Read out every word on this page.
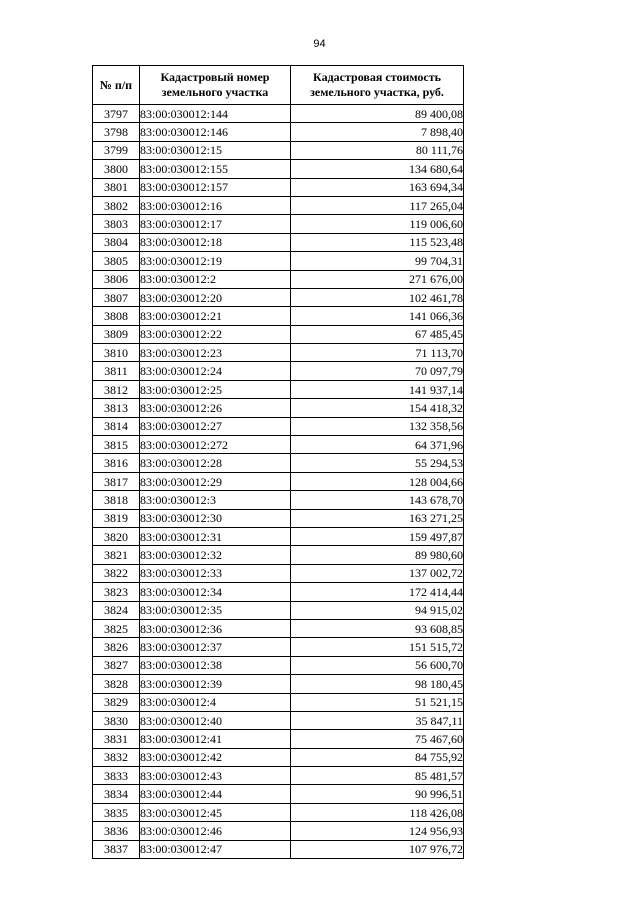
94
№ п/п	Кадастровый номер земельного участка	Кадастровая стоимость земельного участка, руб.
3797	83:00:030012:144	89 400,08
3798	83:00:030012:146	7 898,40
3799	83:00:030012:15	80 111,76
3800	83:00:030012:155	134 680,64
3801	83:00:030012:157	163 694,34
3802	83:00:030012:16	117 265,04
3803	83:00:030012:17	119 006,60
3804	83:00:030012:18	115 523,48
3805	83:00:030012:19	99 704,31
3806	83:00:030012:2	271 676,00
3807	83:00:030012:20	102 461,78
3808	83:00:030012:21	141 066,36
3809	83:00:030012:22	67 485,45
3810	83:00:030012:23	71 113,70
3811	83:00:030012:24	70 097,79
3812	83:00:030012:25	141 937,14
3813	83:00:030012:26	154 418,32
3814	83:00:030012:27	132 358,56
3815	83:00:030012:272	64 371,96
3816	83:00:030012:28	55 294,53
3817	83:00:030012:29	128 004,66
3818	83:00:030012:3	143 678,70
3819	83:00:030012:30	163 271,25
3820	83:00:030012:31	159 497,87
3821	83:00:030012:32	89 980,60
3822	83:00:030012:33	137 002,72
3823	83:00:030012:34	172 414,44
3824	83:00:030012:35	94 915,02
3825	83:00:030012:36	93 608,85
3826	83:00:030012:37	151 515,72
3827	83:00:030012:38	56 600,70
3828	83:00:030012:39	98 180,45
3829	83:00:030012:4	51 521,15
3830	83:00:030012:40	35 847,11
3831	83:00:030012:41	75 467,60
3832	83:00:030012:42	84 755,92
3833	83:00:030012:43	85 481,57
3834	83:00:030012:44	90 996,51
3835	83:00:030012:45	118 426,08
3836	83:00:030012:46	124 956,93
3837	83:00:030012:47	107 976,72
